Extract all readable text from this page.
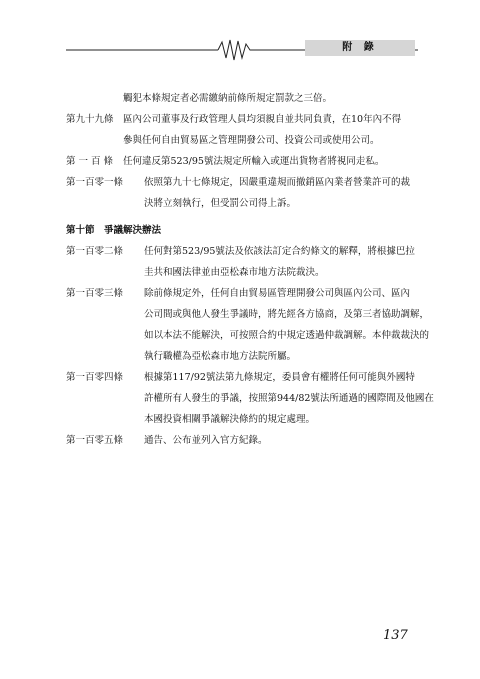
附 錄
觸犯本條規定者必需繳納前條所規定罰款之三倍。
第九十九條 區內公司董事及行政管理人員均須親自並共同負責，在10年內不得
參與任何自由貿易區之管理開發公司、投資公司或使用公司。
第 一 百 條	任何違反第523/95號法規定所輸入或運出貨物者將視同走私。
第一百零一條	依照第九十七條規定，因嚴重違規而撤銷區內業者營業許可的裁
決將立刻執行，但受罰公司得上訴。
第十節　爭議解決辦法
第一百零二條	任何對第523/95號法及依該法訂定合約條文的解釋，將根據巴拉
圭共和國法律並由亞松森市地方法院裁決。
第一百零三條	除前條規定外，任何自由貿易區管理開發公司與區內公司、區內
公司間或與他人發生爭議時，將先經各方協商，及第三者協助調解，
如以本法不能解決，可按照合約中規定透過仲裁調解。本仲裁裁決的
執行職權為亞松森市地方法院所屬。
第一百零四條	根據第117/92號法第九條規定，委員會有權將任何可能與外國特
許權所有人發生的爭議，按照第944/82號法所通過的國際間及他國在
本國投資相關爭議解決條約的規定處理。
第一百零五條	通告、公布並列入官方紀錄。
137
